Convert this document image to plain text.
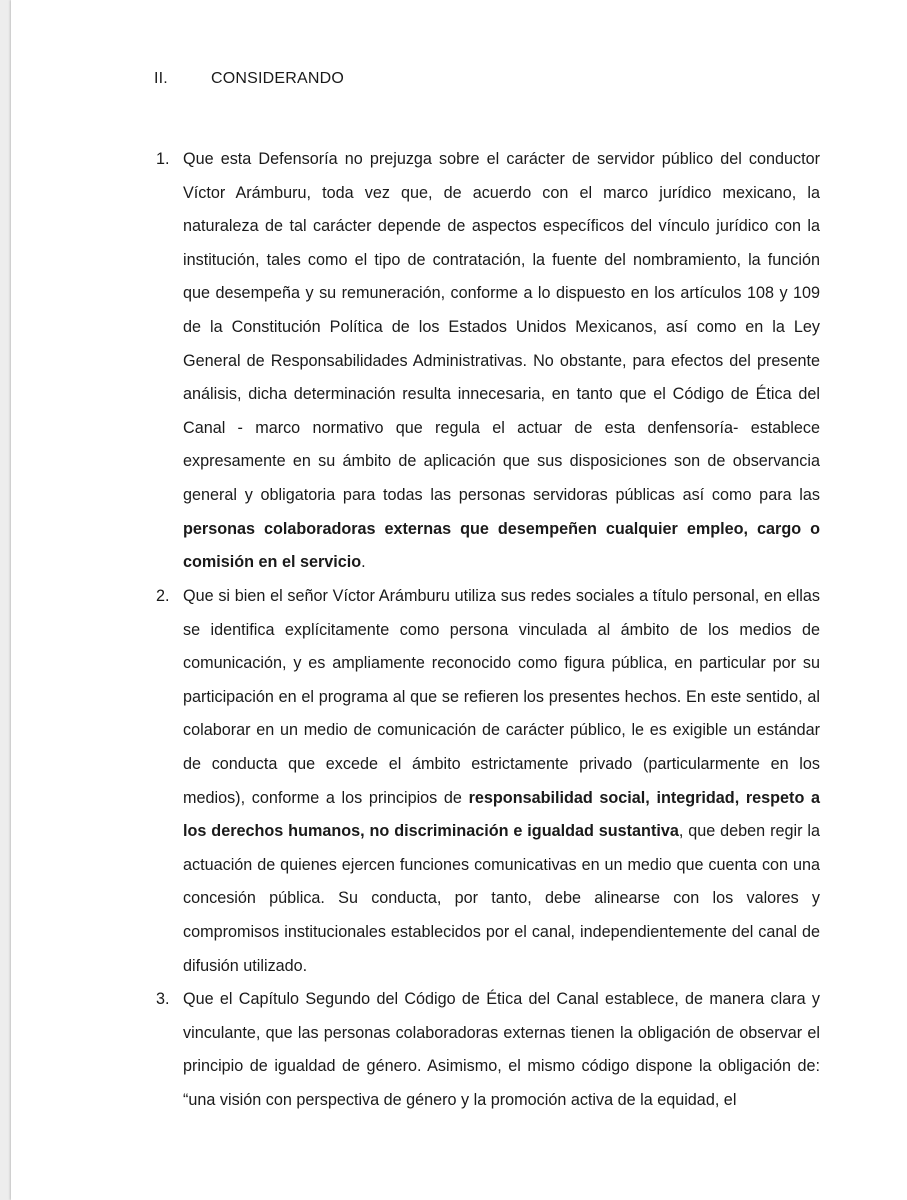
II.	CONSIDERANDO
1. Que esta Defensoría no prejuzga sobre el carácter de servidor público del conductor Víctor Arámburu, toda vez que, de acuerdo con el marco jurídico mexicano, la naturaleza de tal carácter depende de aspectos específicos del vínculo jurídico con la institución, tales como el tipo de contratación, la fuente del nombramiento, la función que desempeña y su remuneración, conforme a lo dispuesto en los artículos 108 y 109 de la Constitución Política de los Estados Unidos Mexicanos, así como en la Ley General de Responsabilidades Administrativas. No obstante, para efectos del presente análisis, dicha determinación resulta innecesaria, en tanto que el Código de Ética del Canal - marco normativo que regula el actuar de esta denfensoría- establece expresamente en su ámbito de aplicación que sus disposiciones son de observancia general y obligatoria para todas las personas servidoras públicas así como para las personas colaboradoras externas que desempeñen cualquier empleo, cargo o comisión en el servicio.

2. Que si bien el señor Víctor Arámburu utiliza sus redes sociales a título personal, en ellas se identifica explícitamente como persona vinculada al ámbito de los medios de comunicación, y es ampliamente reconocido como figura pública, en particular por su participación en el programa al que se refieren los presentes hechos. En este sentido, al colaborar en un medio de comunicación de carácter público, le es exigible un estándar de conducta que excede el ámbito estrictamente privado (particularmente en los medios), conforme a los principios de responsabilidad social, integridad, respeto a los derechos humanos, no discriminación e igualdad sustantiva, que deben regir la actuación de quienes ejercen funciones comunicativas en un medio que cuenta con una concesión pública. Su conducta, por tanto, debe alinearse con los valores y compromisos institucionales establecidos por el canal, independientemente del canal de difusión utilizado.

3. Que el Capítulo Segundo del Código de Ética del Canal establece, de manera clara y vinculante, que las personas colaboradoras externas tienen la obligación de observar el principio de igualdad de género. Asimismo, el mismo código dispone la obligación de: “una visión con perspectiva de género y la promoción activa de la equidad, el
